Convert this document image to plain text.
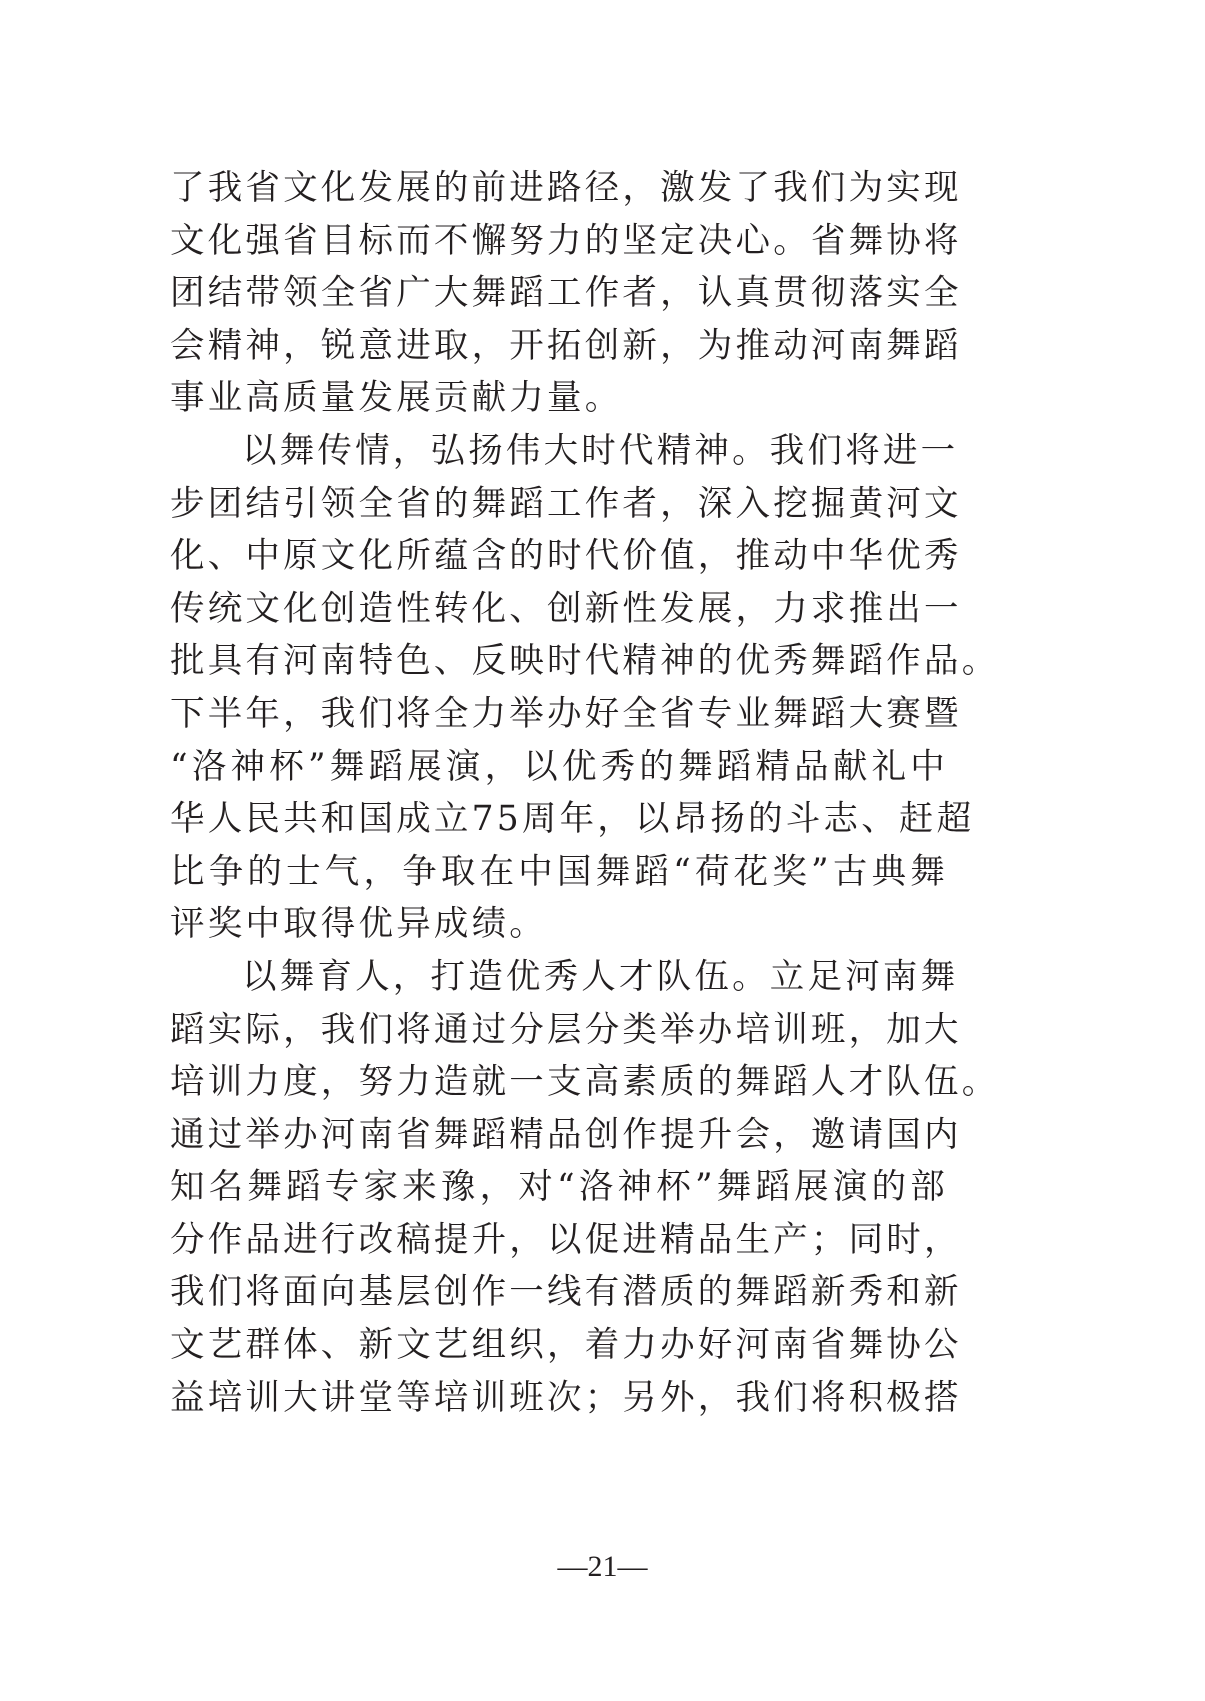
了我省文化发展的前进路径，激发了我们为实现
文化强省目标而不懈努力的坚定决心。省舞协将
团结带领全省广大舞蹈工作者，认真贯彻落实全
会精神，锐意进取，开拓创新，为推动河南舞蹈
事业高质量发展贡献力量。
以舞传情，弘扬伟大时代精神。我们将进一
步团结引领全省的舞蹈工作者，深入挖掘黄河文
化、中原文化所蕴含的时代价值，推动中华优秀
传统文化创造性转化、创新性发展，力求推出一
批具有河南特色、反映时代精神的优秀舞蹈作品。
下半年，我们将全力举办好全省专业舞蹈大赛暨
“洛神杯”舞蹈展演，以优秀的舞蹈精品献礼中
华人民共和国成立75周年，以昂扬的斗志、赶超
比争的士气，争取在中国舞蹈“荷花奖”古典舞
评奖中取得优异成绩。
以舞育人，打造优秀人才队伍。立足河南舞
蹈实际，我们将通过分层分类举办培训班，加大
培训力度，努力造就一支高素质的舞蹈人才队伍。
通过举办河南省舞蹈精品创作提升会，邀请国内
知名舞蹈专家来豫，对“洛神杯”舞蹈展演的部
分作品进行改稿提升，以促进精品生产；同时，
我们将面向基层创作一线有潜质的舞蹈新秀和新
文艺群体、新文艺组织，着力办好河南省舞协公
益培训大讲堂等培训班次；另外，我们将积极搭
—21—
